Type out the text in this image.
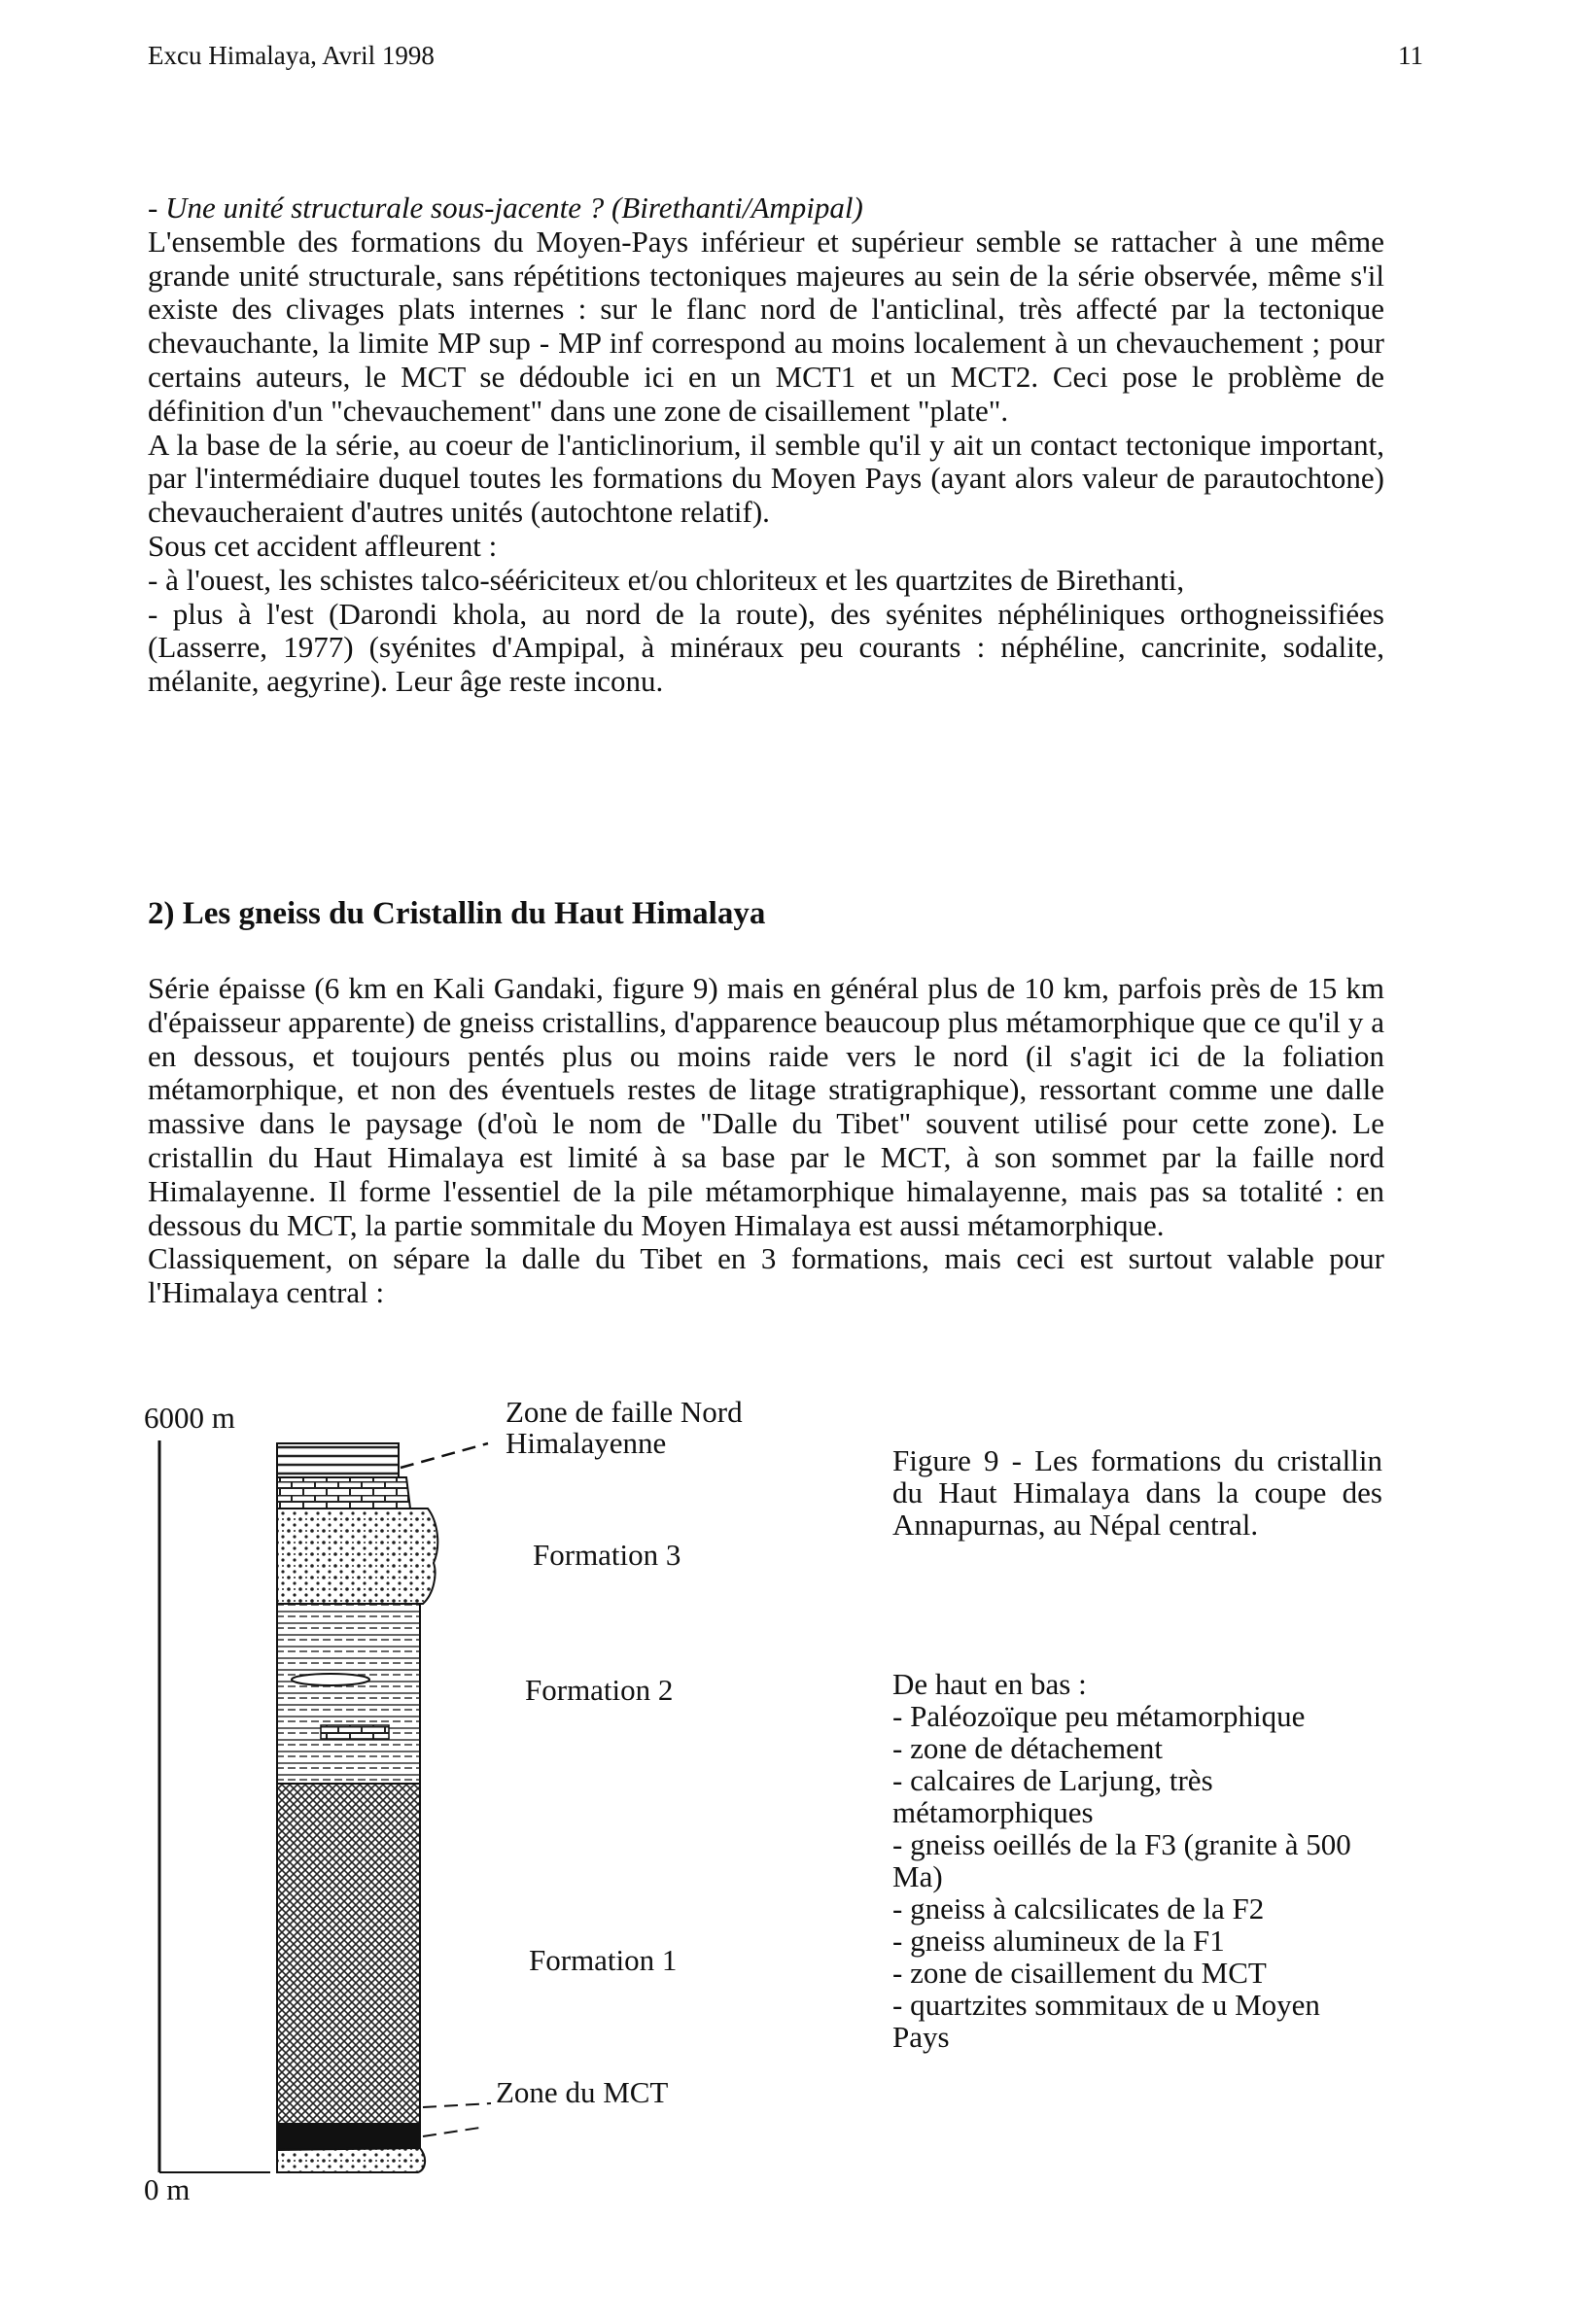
Excu Himalaya, Avril 1998	11

- Une unité structurale sous-jacente ? (Birethanti/Ampipal)

L'ensemble des formations du Moyen-Pays inférieur et supérieur semble se rattacher à une même grande unité structurale, sans répétitions tectoniques majeures au sein de la série observée, même s'il existe des clivages plats internes : sur le flanc nord de l'anticlinal, très affecté par la tectonique chevauchante, la limite MP sup - MP inf correspond au moins localement à un chevauchement ; pour certains auteurs, le MCT se dédouble ici en un MCT1 et un MCT2. Ceci pose le problème de définition d'un "chevauchement" dans une zone de cisaillement "plate".

A la base de la série, au coeur de l'anticlinorium, il semble qu'il y ait un contact tectonique important, par l'intermédiaire duquel toutes les formations du Moyen Pays (ayant alors valeur de parautochtone) chevaucheraient d'autres unités (autochtone relatif).

Sous cet accident affleurent :

- à l'ouest, les schistes talco-séériciteux et/ou chloriteux et les quartzites de Birethanti,

- plus à l'est (Darondi khola, au nord de la route), des syénites néphéliniques orthogneissifiées (Lasserre, 1977) (syénites d'Ampipal, à minéraux peu courants : néphéline, cancrinite, sodalite, mélanite, aegyrine). Leur âge reste inconu.

2) Les gneiss du Cristallin du Haut Himalaya

Série épaisse (6 km en Kali Gandaki, figure 9) mais en général plus de 10 km, parfois près de 15 km d'épaisseur apparente) de gneiss cristallins, d'apparence beaucoup plus métamorphique que ce qu'il y a en dessous, et toujours pentés plus ou moins raide vers le nord (il s'agit ici de la foliation métamorphique, et non des éventuels restes de litage stratigraphique), ressortant comme une dalle massive dans le paysage (d'où le nom de "Dalle du Tibet" souvent utilisé pour cette zone). Le cristallin du Haut Himalaya est limité à sa base par le MCT, à son sommet par la faille nord Himalayenne. Il forme l'essentiel de la pile métamorphique himalayenne, mais pas sa totalité : en dessous du MCT, la partie sommitale du Moyen Himalaya est aussi métamorphique.

Classiquement, on sépare la dalle du Tibet en 3 formations, mais ceci est surtout valable pour l'Himalaya central :

6000 m
0 m
Zone de faille Nord
Himalayenne
Formation 3
Formation 2
Formation 1
Zone du MCT
Figure 9 - Les formations du cristallin du Haut Himalaya dans la coupe des Annapurnas, au Népal central.
De haut en bas :
- Paléozoïque peu métamorphique
- zone de détachement
- calcaires de Larjung, très métamorphiques
- gneiss oeillés de la F3 (granite à 500 Ma)
- gneiss à calcsilicates de la F2
- gneiss alumineux de la F1
- zone de cisaillement du MCT
- quartzites sommitaux de u Moyen Pays
